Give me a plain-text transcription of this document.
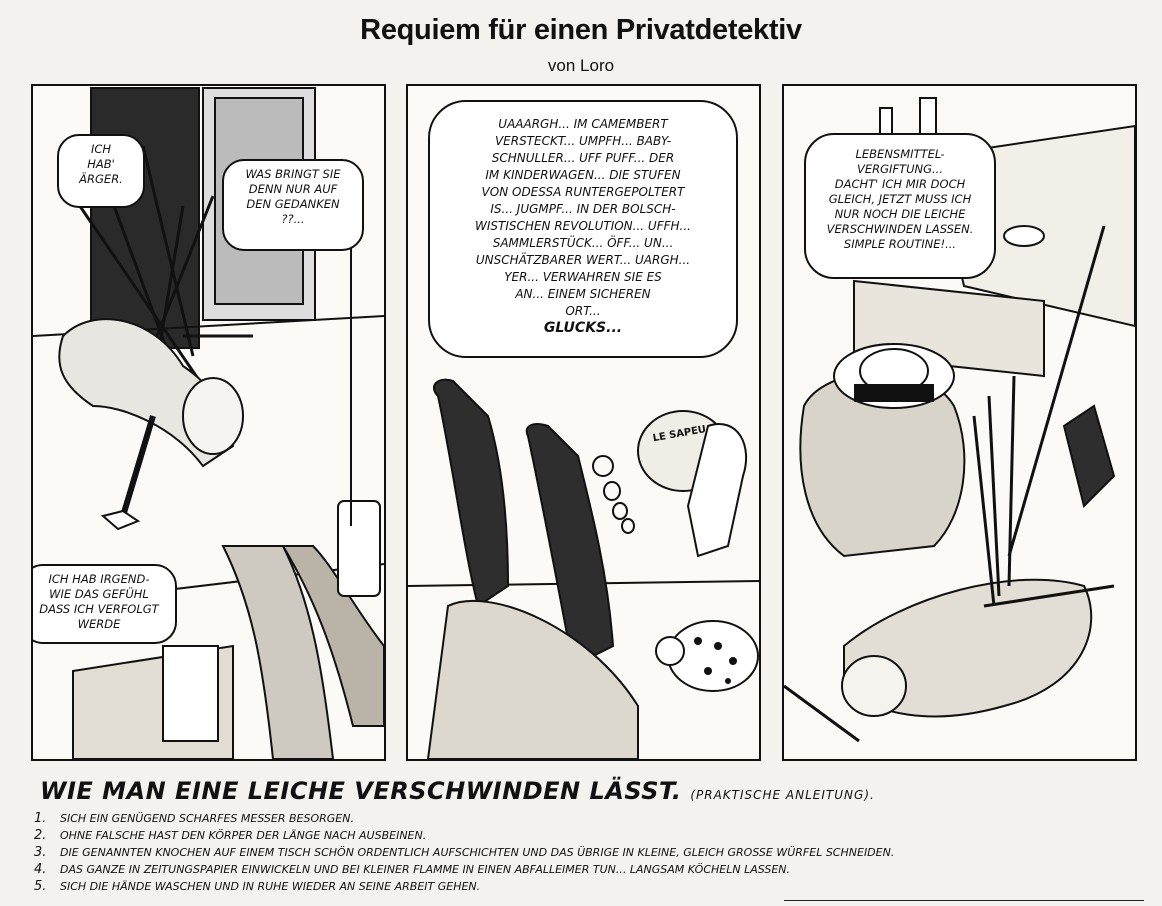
Requiem für einen Privatdetektiv
von Loro
ICH
HAB'
ÄRGER.	WAS BRINGT SIE
DENN NUR AUF
DEN GEDANKEN
??...
ICH HAB IRGEND-
WIE DAS GEFÜHL
DASS ICH VERFOLGT
WERDE
LE SAPEU
UAAARGH... IM CAMEMBERT
VERSTECKT... UMPFH... BABY-
SCHNULLER... UFF PUFF... DER
IM KINDERWAGEN... DIE STUFEN
VON ODESSA RUNTERGEPOLTERT
IS... JUGMPF... IN DER BOLSCH-
WISTISCHEN REVOLUTION... UFFH...
SAMMLERSTÜCK... ÖFF... UN...
UNSCHÄTZBARER WERT... UARGH...
YER... VERWAHREN SIE ES
AN... EINEM SICHEREN
ORT...
GLUCKS...
LEBENSMITTEL-
VERGIFTUNG...
DACHT' ICH MIR DOCH
GLEICH, JETZT MUSS ICH
NUR NOCH DIE LEICHE
VERSCHWINDEN LASSEN.
SIMPLE ROUTINE!...
WIE MAN EINE LEICHE VERSCHWINDEN LÄSST. (PRAKTISCHE ANLEITUNG).
1. SICH EIN GENÜGEND SCHARFES MESSER BESORGEN.
2. OHNE FALSCHE HAST DEN KÖRPER DER LÄNGE NACH AUSBEINEN.
3. DIE GENANNTEN KNOCHEN AUF EINEM TISCH SCHÖN ORDENTLICH AUFSCHICHTEN UND DAS ÜBRIGE IN KLEINE, GLEICH GROSSE WÜRFEL SCHNEIDEN.
4. DAS GANZE IN ZEITUNGSPAPIER EINWICKELN UND BEI KLEINER FLAMME IN EINEN ABFALLEIMER TUN... LANGSAM KÖCHELN LASSEN.
5. SICH DIE HÄNDE WASCHEN UND IN RUHE WIEDER AN SEINE ARBEIT GEHEN.
